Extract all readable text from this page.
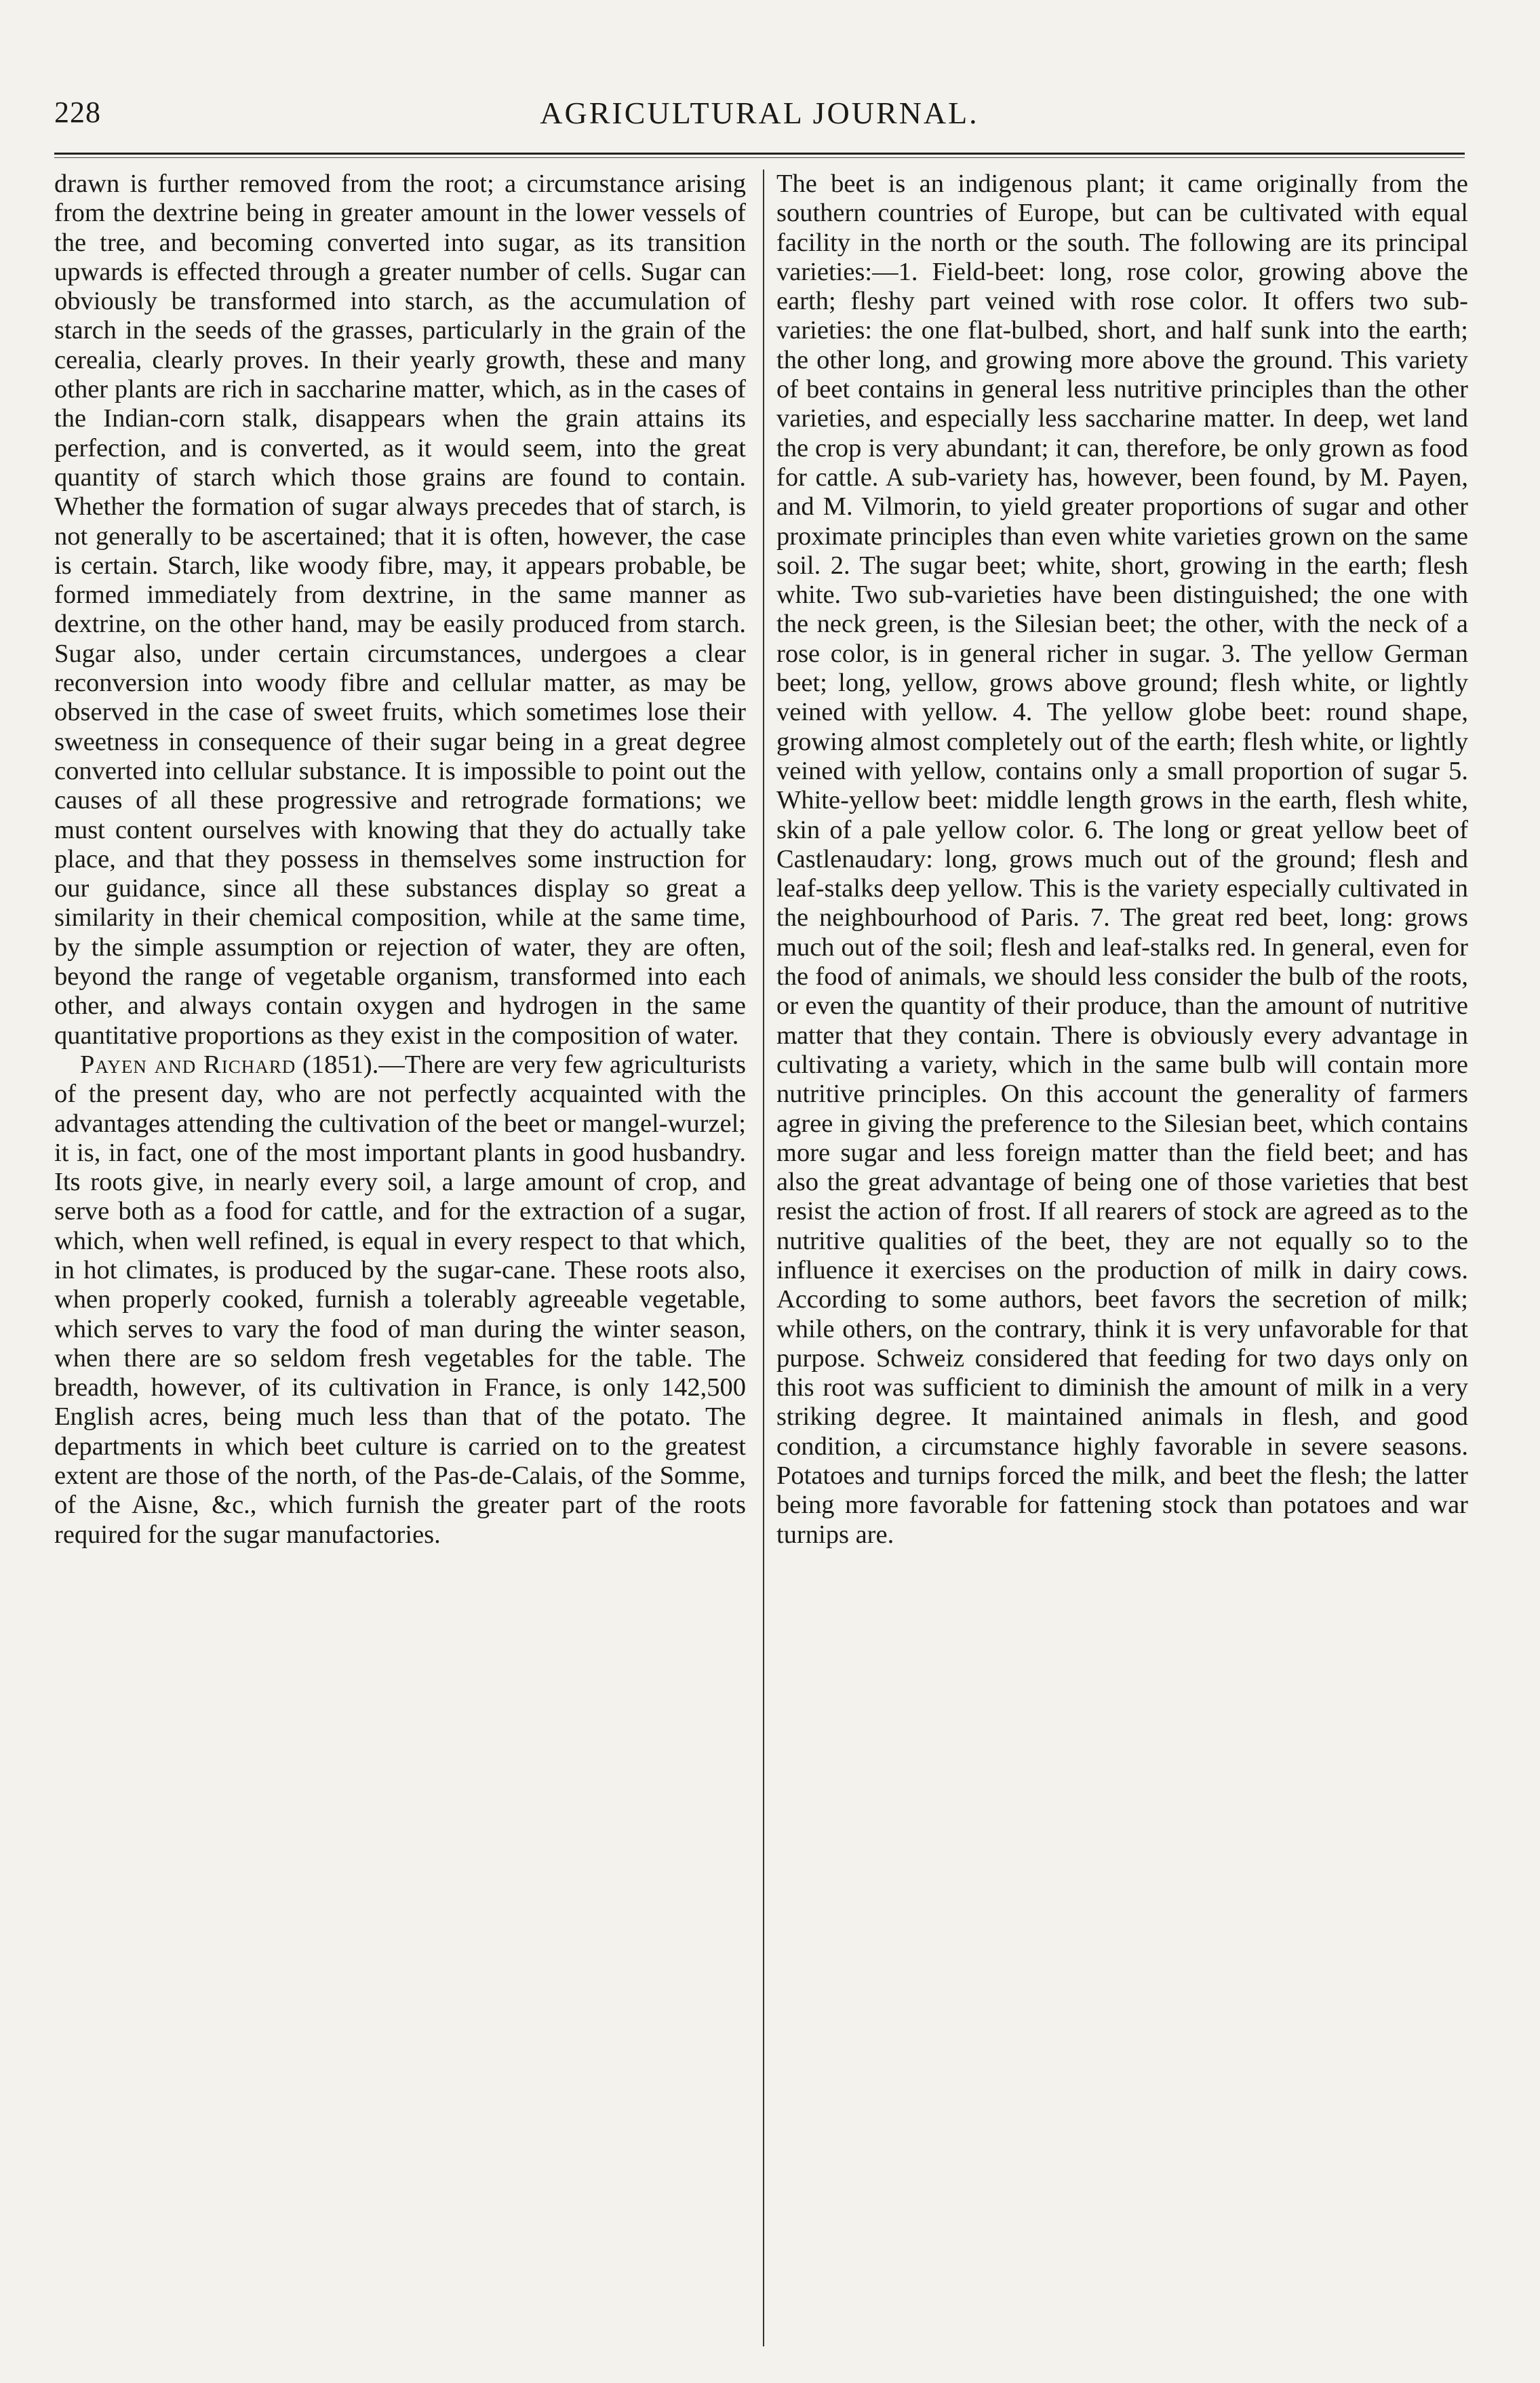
228	AGRICULTURAL JOURNAL.

drawn is further removed from the root; a circumstance arising from the dextrine being in greater amount in the lower vessels of the tree, and becoming converted into sugar, as its transition upwards is effected through a greater number of cells. Sugar can obviously be transformed into starch, as the accumulation of starch in the seeds of the grasses, particularly in the grain of the cerealia, clearly proves. In their yearly growth, these and many other plants are rich in saccharine matter, which, as in the cases of the Indian-corn stalk, disappears when the grain attains its perfection, and is converted, as it would seem, into the great quantity of starch which those grains are found to contain. Whether the formation of sugar always precedes that of starch, is not generally to be ascertained; that it is often, however, the case is certain. Starch, like woody fibre, may, it appears probable, be formed immediately from dextrine, in the same manner as dextrine, on the other hand, may be easily produced from starch. Sugar also, under certain circumstances, undergoes a clear reconversion into woody fibre and cellular matter, as may be observed in the case of sweet fruits, which sometimes lose their sweetness in consequence of their sugar being in a great degree converted into cellular substance. It is impossible to point out the causes of all these progressive and retrograde formations; we must content ourselves with knowing that they do actually take place, and that they possess in themselves some instruction for our guidance, since all these substances display so great a similarity in their chemical composition, while at the same time, by the simple assumption or rejection of water, they are often, beyond the range of vegetable organism, transformed into each other, and always contain oxygen and hydrogen in the same quantitative proportions as they exist in the composition of water.

Payen and Richard (1851).—There are very few agriculturists of the present day, who are not perfectly acquainted with the advantages attending the cultivation of the beet or mangel-wurzel; it is, in fact, one of the most important plants in good husbandry. Its roots give, in nearly every soil, a large amount of crop, and serve both as a food for cattle, and for the extraction of a sugar, which, when well refined, is equal in every respect to that which, in hot climates, is produced by the sugar-cane. These roots also, when properly cooked, furnish a tolerably agreeable vegetable, which serves to vary the food of man during the winter season, when there are so seldom fresh vegetables for the table. The breadth, however, of its cultivation in France, is only 142,500 English acres, being much less than that of the potato. The departments in which beet culture is carried on to the greatest extent are those of the north, of the Pas-de-Calais, of the Somme, of the Aisne, &c., which furnish the greater part of the roots required for the sugar manufactories.

The beet is an indigenous plant; it came originally from the southern countries of Europe, but can be cultivated with equal facility in the north or the south. The following are its principal varieties:—1. Field-beet: long, rose color, growing above the earth; fleshy part veined with rose color. It offers two sub-varieties: the one flat-bulbed, short, and half sunk into the earth; the other long, and growing more above the ground. This variety of beet contains in general less nutritive principles than the other varieties, and especially less saccharine matter. In deep, wet land the crop is very abundant; it can, therefore, be only grown as food for cattle. A sub-variety has, however, been found, by M. Payen, and M. Vilmorin, to yield greater proportions of sugar and other proximate principles than even white varieties grown on the same soil. 2. The sugar beet; white, short, growing in the earth; flesh white. Two sub-varieties have been distinguished; the one with the neck green, is the Silesian beet; the other, with the neck of a rose color, is in general richer in sugar. 3. The yellow German beet; long, yellow, grows above ground; flesh white, or lightly veined with yellow. 4. The yellow globe beet: round shape, growing almost completely out of the earth; flesh white, or lightly veined with yellow, contains only a small proportion of sugar 5. White-yellow beet: middle length grows in the earth, flesh white, skin of a pale yellow color. 6. The long or great yellow beet of Castlenaudary: long, grows much out of the ground; flesh and leaf-stalks deep yellow. This is the variety especially cultivated in the neighbourhood of Paris. 7. The great red beet, long: grows much out of the soil; flesh and leaf-stalks red. In general, even for the food of animals, we should less consider the bulb of the roots, or even the quantity of their produce, than the amount of nutritive matter that they contain. There is obviously every advantage in cultivating a variety, which in the same bulb will contain more nutritive principles. On this account the generality of farmers agree in giving the preference to the Silesian beet, which contains more sugar and less foreign matter than the field beet; and has also the great advantage of being one of those varieties that best resist the action of frost. If all rearers of stock are agreed as to the nutritive qualities of the beet, they are not equally so to the influence it exercises on the production of milk in dairy cows. According to some authors, beet favors the secretion of milk; while others, on the contrary, think it is very unfavorable for that purpose. Schweiz considered that feeding for two days only on this root was sufficient to diminish the amount of milk in a very striking degree. It maintained animals in flesh, and good condition, a circumstance highly favorable in severe seasons. Potatoes and turnips forced the milk, and beet the flesh; the latter being more favorable for fattening stock than potatoes and war turnips are.
